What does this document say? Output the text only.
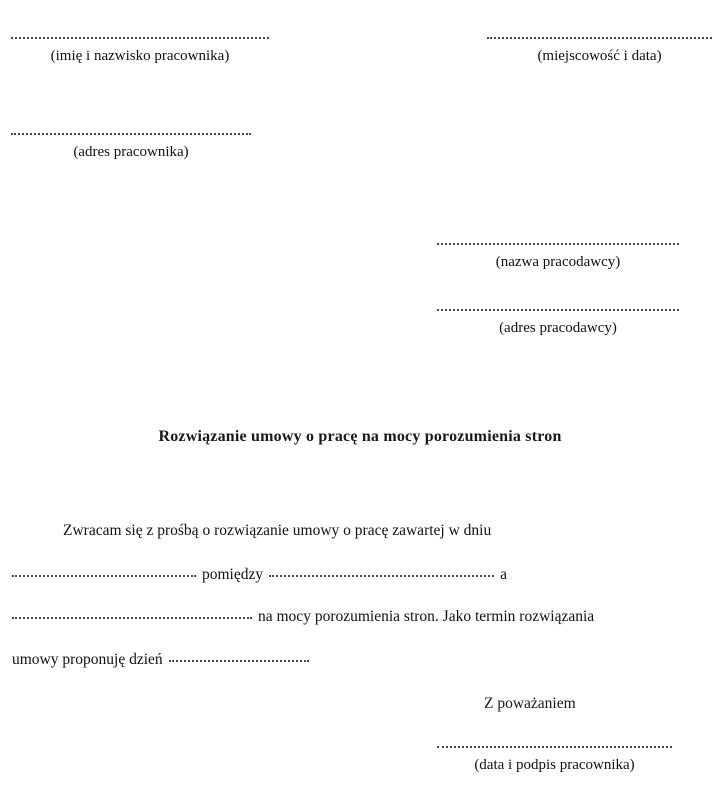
(imię i nazwisko pracownika)	(miejscowość i data)
(adres pracownika)
(nazwa pracodawcy)
(adres pracodawcy)
Rozwiązanie umowy o pracę na mocy porozumienia stron
Zwracam się z prośbą o rozwiązanie umowy o pracę zawartej w dniu
pomiędzy	a
na mocy porozumienia stron. Jako termin rozwiązania
umowy proponuję dzień
Z poważaniem
(data i podpis pracownika)
